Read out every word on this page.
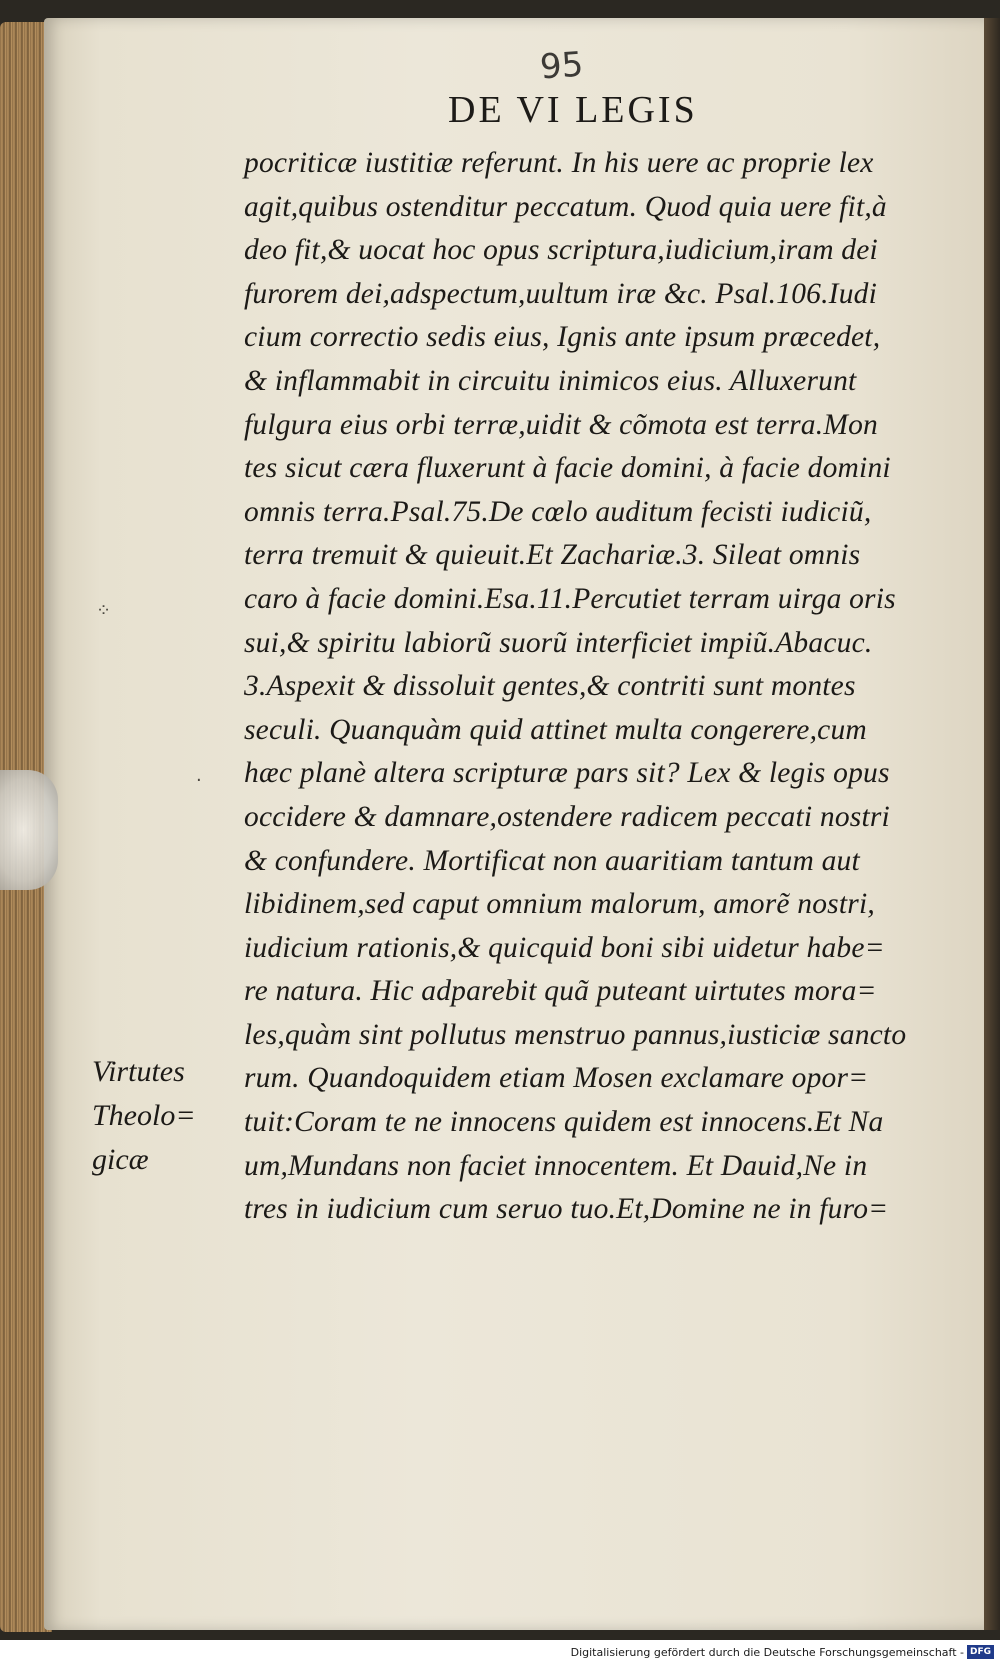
95
DE VI LEGIS
pocriticæ iustitiæ referunt. In his uere ac proprie lex
agit,quibus ostenditur peccatum. Quod quia uere fit,à
deo fit,& uocat hoc opus scriptura,iudicium,iram dei
furorem dei,adspectum,uultum iræ &c. Psal.106.Iudi
cium correctio sedis eius, Ignis ante ipsum præcedet,
& inflammabit in circuitu inimicos eius. Alluxerunt
fulgura eius orbi terræ,uidit & cõmota est terra.Mon
tes sicut cæra fluxerunt à facie domini, à facie domini
omnis terra.Psal.75.De cœlo auditum fecisti iudiciũ,
terra tremuit & quieuit.Et Zachariæ.3. Sileat omnis
caro à facie domini.Esa.11.Percutiet terram uirga oris
sui,& spiritu labiorũ suorũ interficiet impiũ.Abacuc.
3.Aspexit & dissoluit gentes,& contriti sunt montes
seculi. Quanquàm quid attinet multa congerere,cum
hæc planè altera scripturæ pars sit? Lex & legis opus
occidere & damnare,ostendere radicem peccati nostri
& confundere. Mortificat non auaritiam tantum aut
libidinem,sed caput omnium malorum, amorẽ nostri,
iudicium rationis,& quicquid boni sibi uidetur habe=
re natura. Hic adparebit quã puteant uirtutes mora=
les,quàm sint pollutus menstruo pannus,iusticiæ sancto
rum. Quandoquidem etiam Mosen exclamare opor=
tuit:Coram te ne innocens quidem est innocens.Et Na
um,Mundans non faciet innocentem. Et Dauid,Ne in
tres in iudicium cum seruo tuo.Et,Domine ne in furo=
Virtutes
Theolo=
gicæ
⁘
·
Digitalisierung gefördert durch die Deutsche Forschungsgemeinschaft - DFG
